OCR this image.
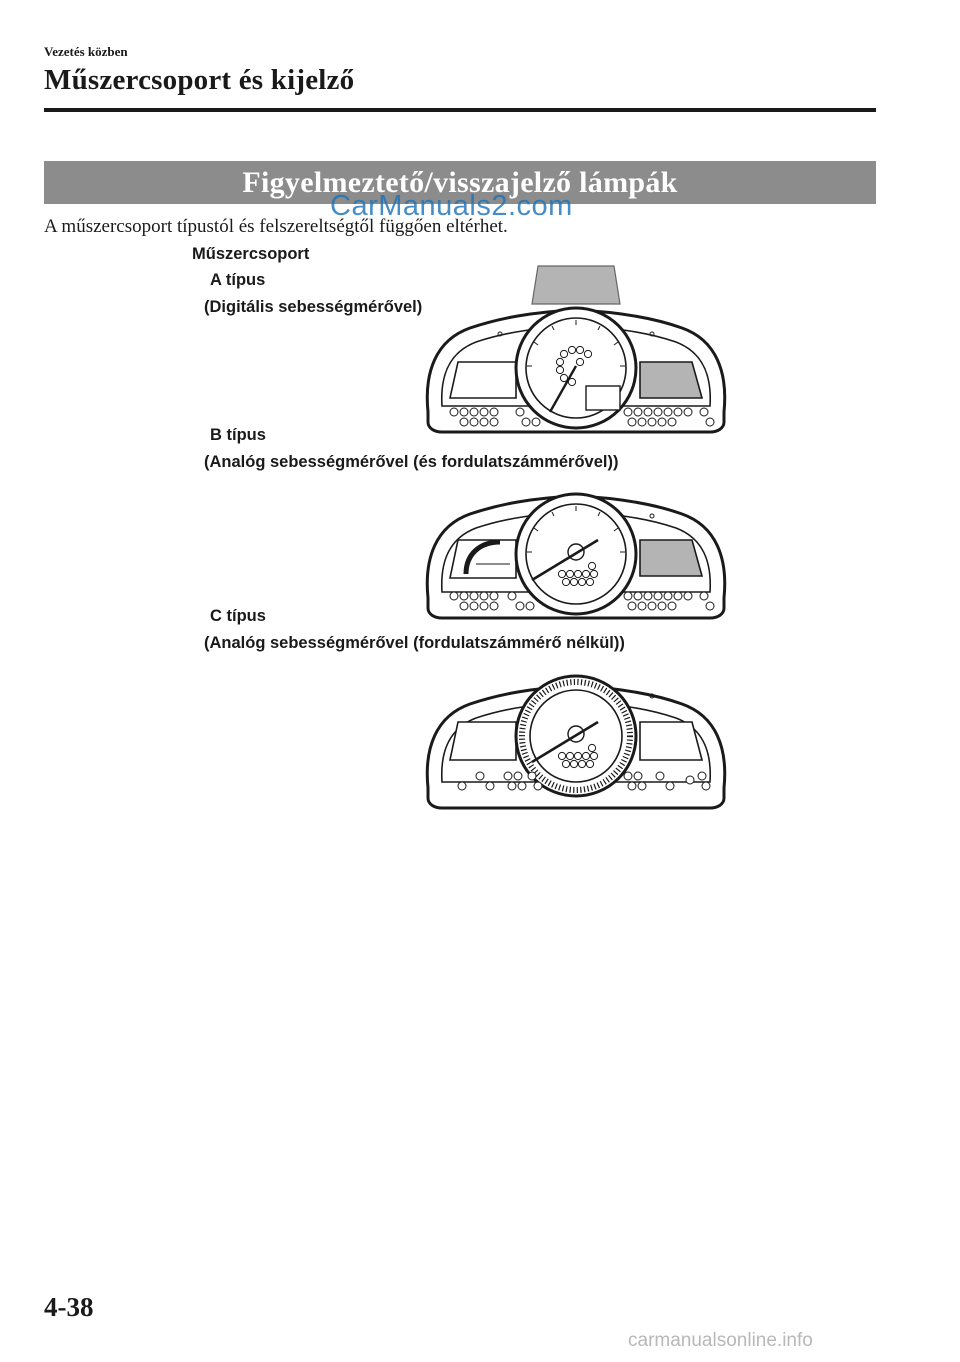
Vezetés közben
Műszercsoport és kijelző
Figyelmeztető/visszajelző lámpák
CarManuals2.com
A műszercsoport típustól és felszereltségtől függően eltérhet.
Műszercsoport
A típus
(Digitális sebességmérővel)
B típus
(Analóg sebességmérővel (és fordulatszámmérővel))
C típus
(Analóg sebességmérővel (fordulatszámmérő nélkül))
4-38
carmanualsonline.info
